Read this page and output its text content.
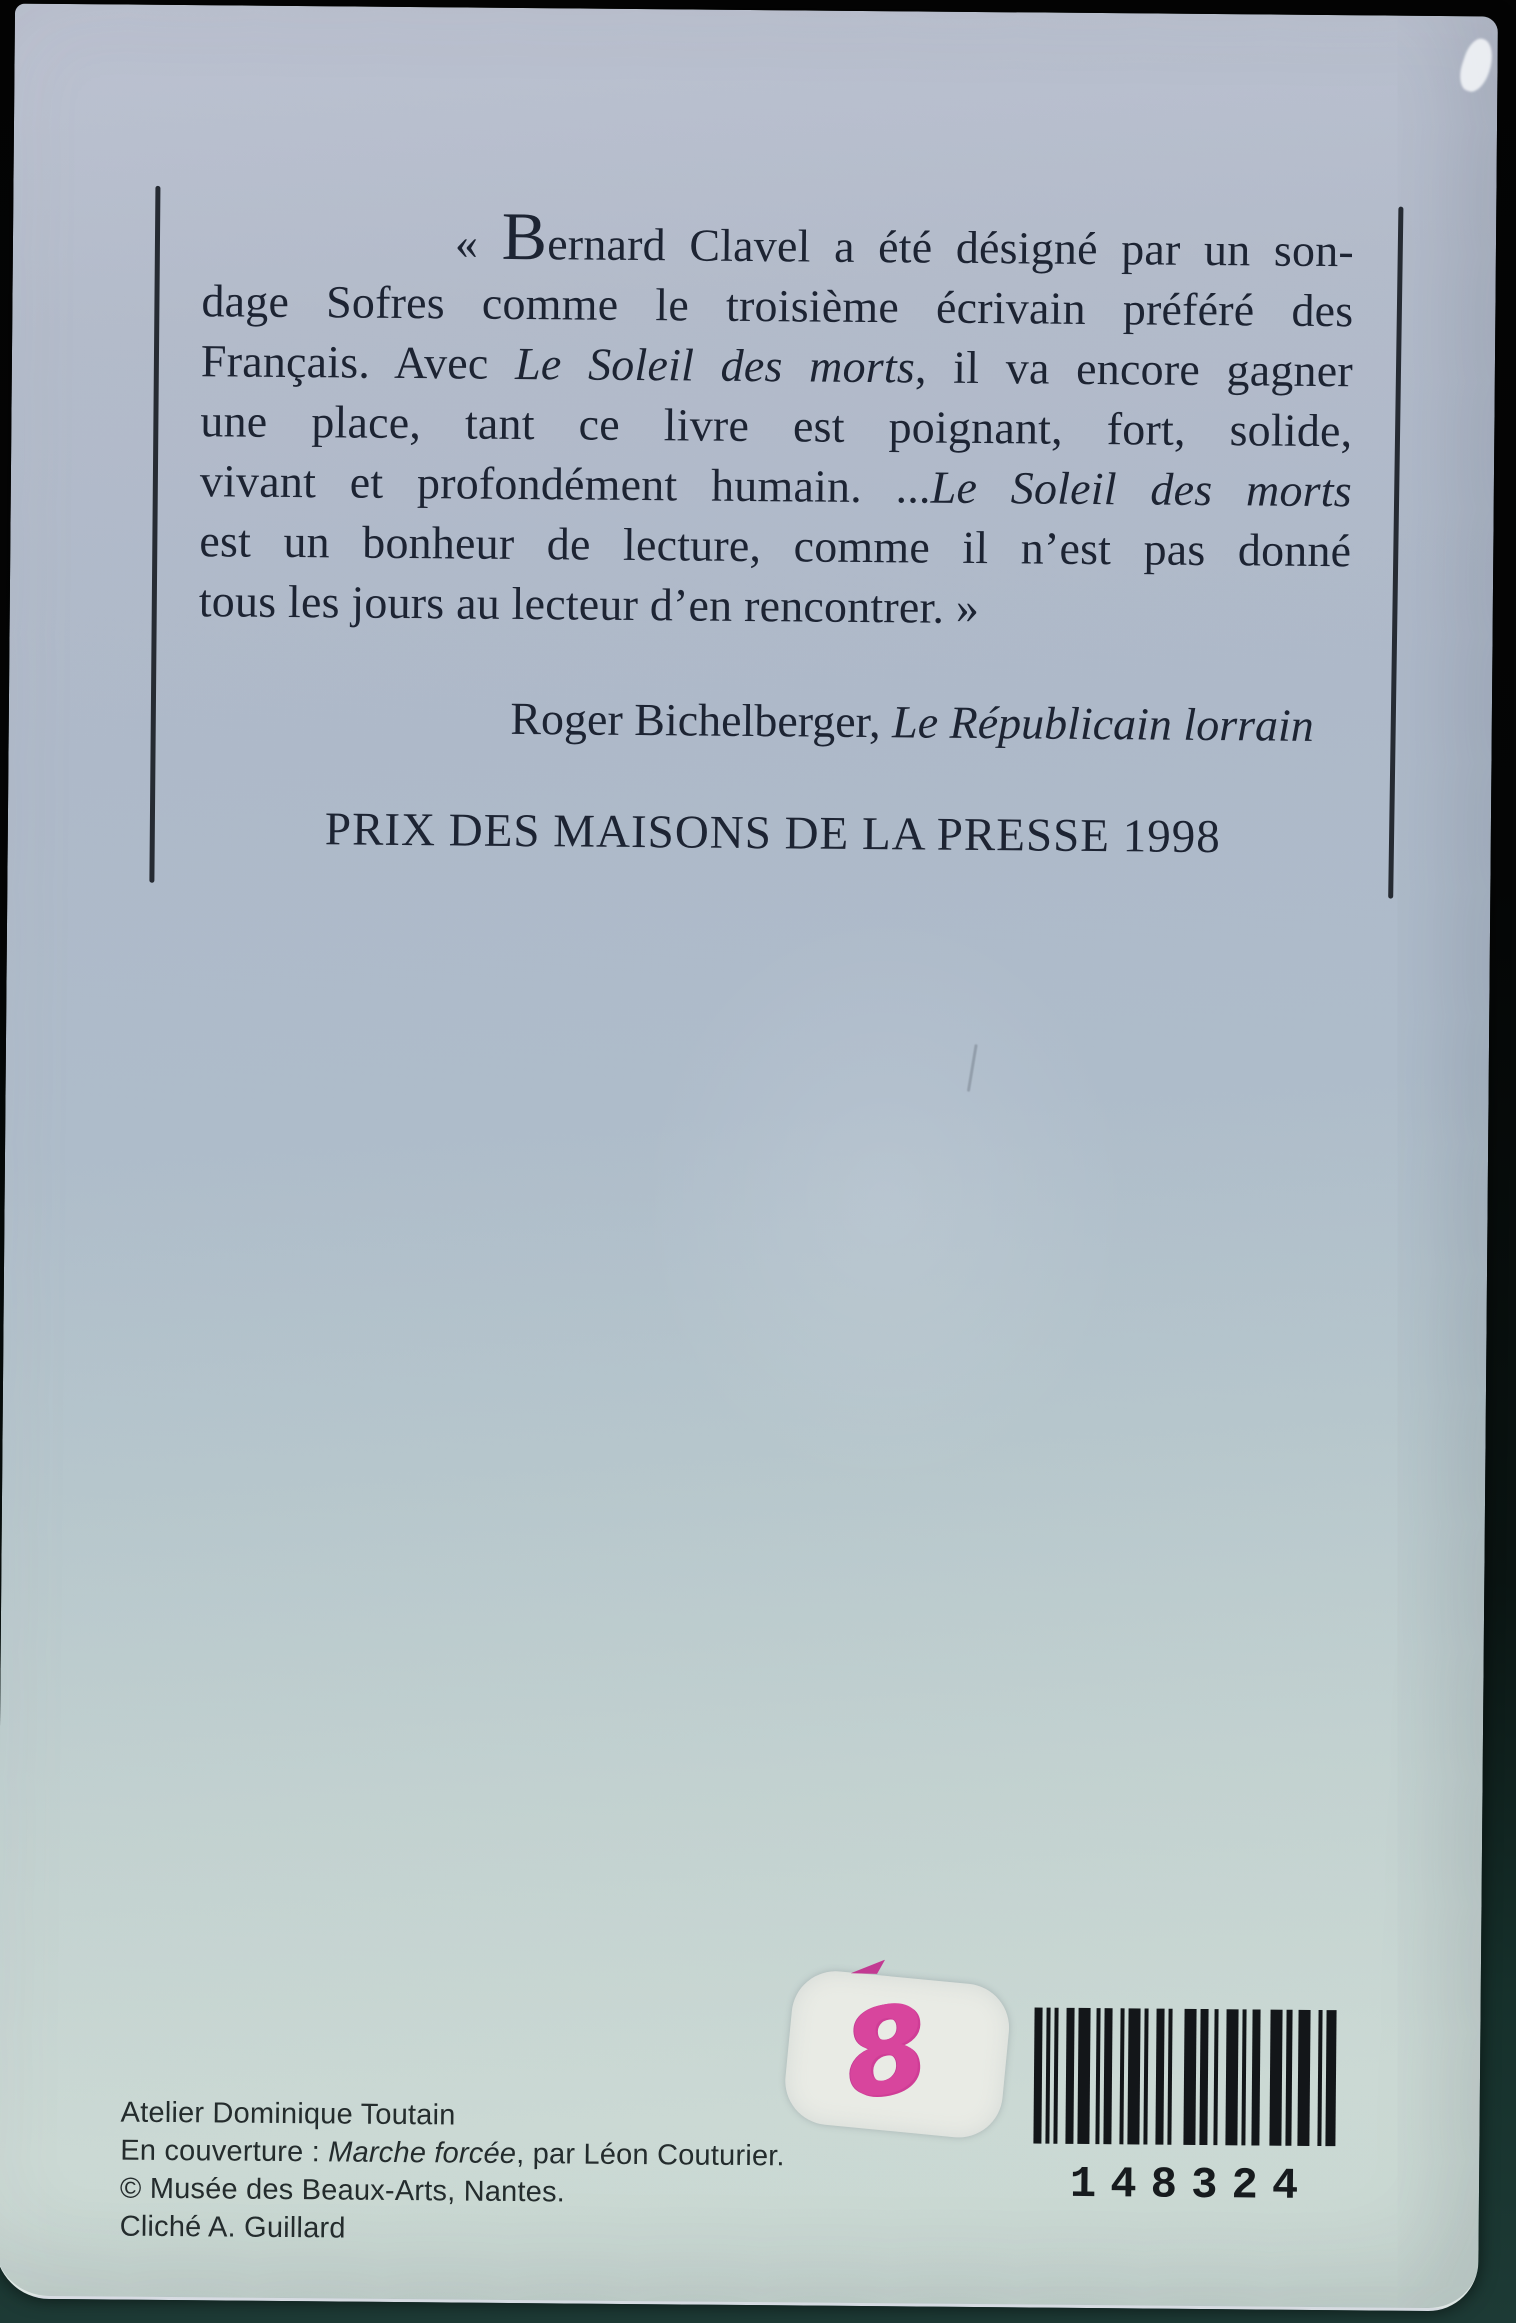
« Bernard Clavel a été désigné par un son-
dage Sofres comme le troisième écrivain préféré des
Français. Avec Le Soleil des morts, il va encore gagner
une place, tant ce livre est poignant, fort, solide,
vivant et profondément humain. ...Le Soleil des morts
est un bonheur de lecture, comme il n’est pas donné
tous les jours au lecteur d’en rencontrer. »
Roger Bichelberger, Le Républicain lorrain
PRIX DES MAISONS DE LA PRESSE 1998
Atelier Dominique Toutain
En couverture : Marche forcée, par Léon Couturier.
© Musée des Beaux-Arts, Nantes.
Cliché A. Guillard
8
148324
